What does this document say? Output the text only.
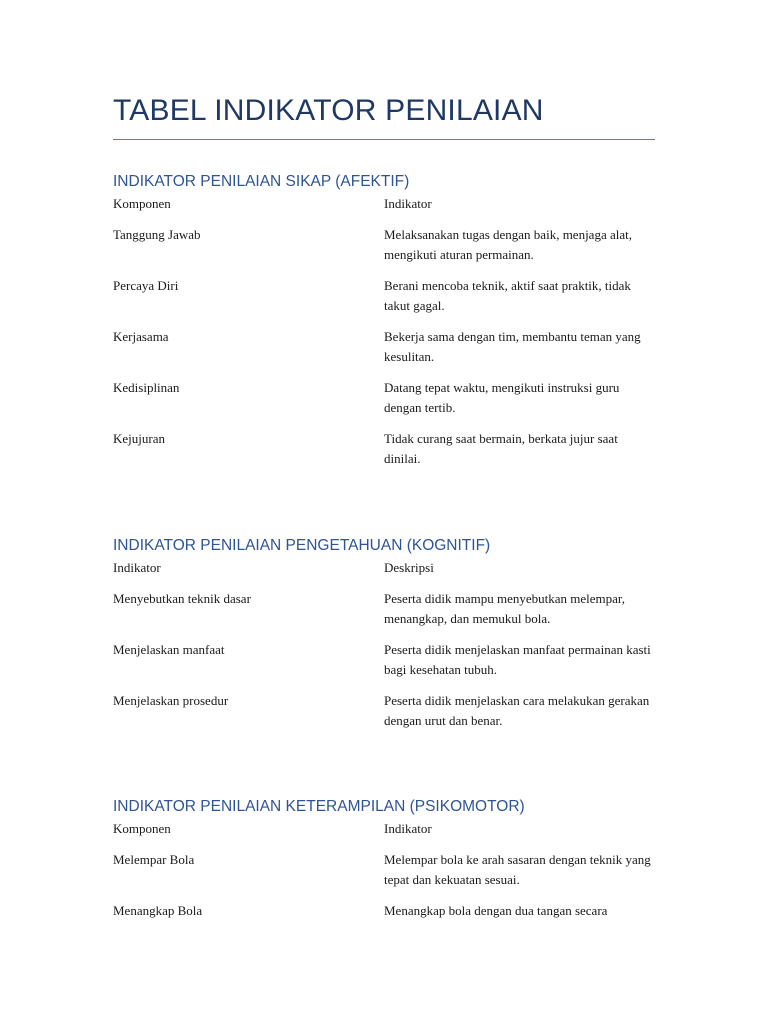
TABEL INDIKATOR PENILAIAN
INDIKATOR PENILAIAN SIKAP (AFEKTIF)
Komponen	Indikator
Tanggung Jawab	Melaksanakan tugas dengan baik, menjaga alat, mengikuti aturan permainan.
Percaya Diri	Berani mencoba teknik, aktif saat praktik, tidak takut gagal.
Kerjasama	Bekerja sama dengan tim, membantu teman yang kesulitan.
Kedisiplinan	Datang tepat waktu, mengikuti instruksi guru dengan tertib.
Kejujuran	Tidak curang saat bermain, berkata jujur saat dinilai.
INDIKATOR PENILAIAN PENGETAHUAN (KOGNITIF)
Indikator	Deskripsi
Menyebutkan teknik dasar	Peserta didik mampu menyebutkan melempar, menangkap, dan memukul bola.
Menjelaskan manfaat	Peserta didik menjelaskan manfaat permainan kasti bagi kesehatan tubuh.
Menjelaskan prosedur	Peserta didik menjelaskan cara melakukan gerakan dengan urut dan benar.
INDIKATOR PENILAIAN KETERAMPILAN (PSIKOMOTOR)
Komponen	Indikator
Melempar Bola	Melempar bola ke arah sasaran dengan teknik yang tepat dan kekuatan sesuai.
Menangkap Bola	Menangkap bola dengan dua tangan secara
